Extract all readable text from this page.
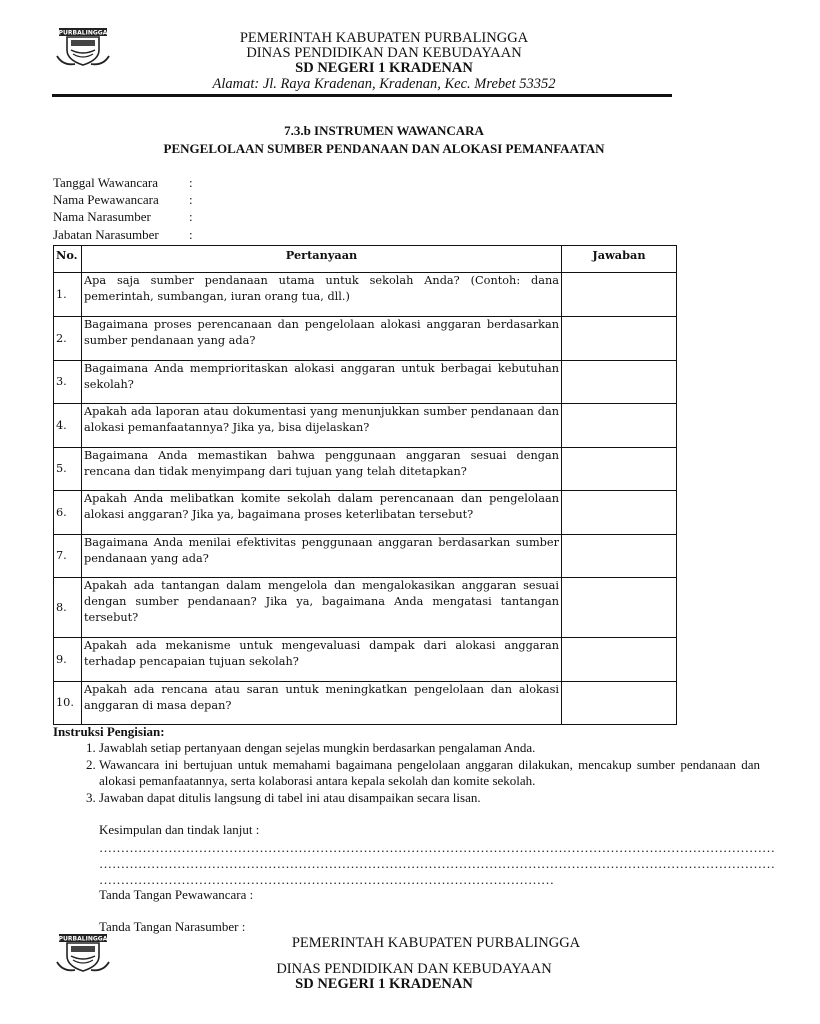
PURBALINGGA	PEMERINTAH KABUPATEN PURBALINGGA
DINAS PENDIDIKAN DAN KEBUDAYAAN
SD NEGERI 1 KRADENAN
Alamat: Jl. Raya Kradenan, Kradenan, Kec. Mrebet 53352
7.3.b INSTRUMEN WAWANCARA
PENGELOLAAN SUMBER PENDANAAN DAN ALOKASI PEMANFAATAN
Tanggal Wawancara :
Nama Pewawancara :
Nama Narasumber	:
Jabatan Narasumber :
No.	Pertanyaan	Jawaban
1.	Apa saja sumber pendanaan utama untuk sekolah Anda? (Contoh: dana pemerintah, sumbangan, iuran orang tua, dll.)	
2.	Bagaimana proses perencanaan dan pengelolaan alokasi anggaran berdasarkan sumber pendanaan yang ada?	
3.	Bagaimana Anda memprioritaskan alokasi anggaran untuk berbagai kebutuhan sekolah?	
4.	Apakah ada laporan atau dokumentasi yang menunjukkan sumber pendanaan dan alokasi pemanfaatannya? Jika ya, bisa dijelaskan?	
5.	Bagaimana Anda memastikan bahwa penggunaan anggaran sesuai dengan rencana dan tidak menyimpang dari tujuan yang telah ditetapkan?	
6.	Apakah Anda melibatkan komite sekolah dalam perencanaan dan pengelolaan alokasi anggaran? Jika ya, bagaimana proses keterlibatan tersebut?	
7.	Bagaimana Anda menilai efektivitas penggunaan anggaran berdasarkan sumber pendanaan yang ada?	
8.	Apakah ada tantangan dalam mengelola dan mengalokasikan anggaran sesuai dengan sumber pendanaan? Jika ya, bagaimana Anda mengatasi tantangan tersebut?	
9.	Apakah ada mekanisme untuk mengevaluasi dampak dari alokasi anggaran terhadap pencapaian tujuan sekolah?	
10.	Apakah ada rencana atau saran untuk meningkatkan pengelolaan dan alokasi anggaran di masa depan?	
Instruksi Pengisian:
1. Jawablah setiap pertanyaan dengan sejelas mungkin berdasarkan pengalaman Anda.
2. Wawancara ini bertujuan untuk memahami bagaimana pengelolaan anggaran dilakukan, mencakup sumber pendanaan dan alokasi pemanfaatannya, serta kolaborasi antara kepala sekolah dan komite sekolah.
3. Jawaban dapat ditulis langsung di tabel ini atau disampaikan secara lisan.
Kesimpulan dan tindak lanjut :
…………………………………………………………………………………………………………………………………………
…………………………………………………………………………………………………………………………………………
……………………………………………………………………………………………
Tanda Tangan Pewawancara :
Tanda Tangan Narasumber :
PURBALINGGA	PEMERINTAH KABUPATEN PURBALINGGA
DINAS PENDIDIKAN DAN KEBUDAYAAN
SD NEGERI 1 KRADENAN
